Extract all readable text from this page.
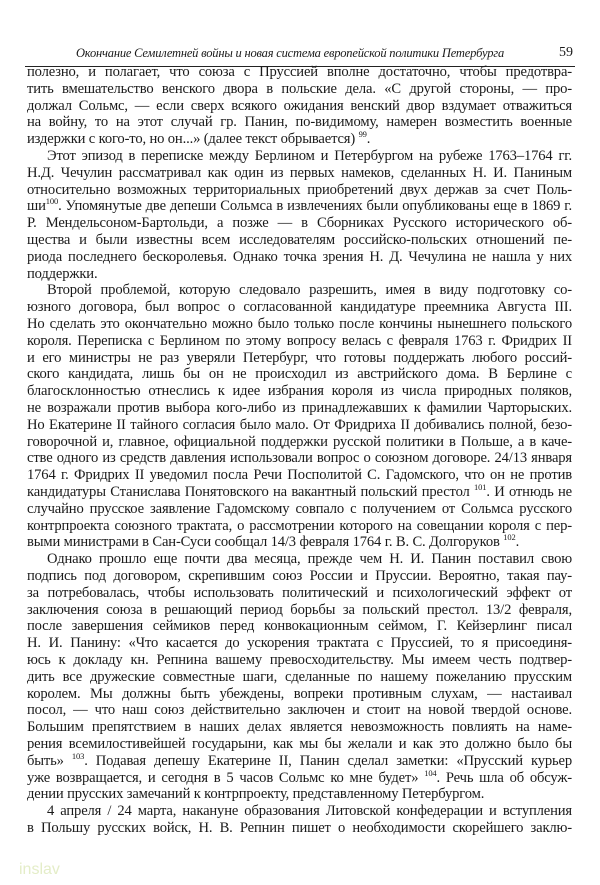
Окончание Семилетней войны и новая система европейской политики Петербурга	59
полезно, и полагает, что союза с Пруссией вполне достаточно, чтобы предотвра-
тить вмешательство венского двора в польские дела. «С другой стороны, — про-
должал Сольмс, — если сверх всякого ожидания венский двор вздумает отважиться
на войну, то на этот случай гр. Панин, по-видимому, намерен возместить военные
издержки с кого-то, но он...» (далее текст обрывается) $^{99}$.
Этот эпизод в переписке между Берлином и Петербургом на рубеже 1763–1764 гг.
Н.Д. Чечулин рассматривал как один из первых намеков, сделанных Н. И. Паниным
относительно возможных территориальных приобретений двух держав за счет Поль-
$ши^{100}$. Упомянутые две депеши Сольмса в извлечениях были опубликованы еще в 1869 г.
Р. Мендельсоном-Бартольди, а позже — в Сборниках Русского исторического об-
щества и были известны всем исследователям российско-польских отношений пе-
риода последнего бескоролевья. Однако точка зрения Н. Д. Чечулина не нашла у них
поддержки.
Второй проблемой, которую следовало разрешить, имея в виду подготовку со-
юзного договора, был вопрос о согласованной кандидатуре преемника Августа III.
Но сделать это окончательно можно было только после кончины нынешнего польского
короля. Переписка с Берлином по этому вопросу велась с февраля 1763 г. Фридрих II
и его министры не раз уверяли Петербург, что готовы поддержать любого россий-
ского кандидата, лишь бы он не происходил из австрийского дома. В Берлине с
благосклонностью отнеслись к идее избрания короля из числа природных поляков,
не возражали против выбора кого-либо из принадлежавших к фамилии Чарторыских.
Но Екатерине II тайного согласия было мало. От Фридриха II добивались полной, безо-
говорочной и, главное, официальной поддержки русской политики в Польше, а в каче-
стве одного из средств давления использовали вопрос о союзном договоре. 24/13 января
1764 г. Фридрих II уведомил посла Речи Посполитой С. Гадомского, что он не против
кандидатуры Станислава Понятовского на вакантный польский престол $^{101}$. И отнюдь не
случайно прусское заявление Гадомскому совпало с получением от Сольмса русского
контрпроекта союзного трактата, о рассмотрении которого на совещании короля с пер-
выми министрами в Сан-Суси сообщал 14/3 февраля 1764 г. В. С. Долгоруков $^{102}$.
Однако прошло еще почти два месяца, прежде чем Н. И. Панин поставил свою
подпись под договором, скрепившим союз России и Пруссии. Вероятно, такая пау-
за потребовалась, чтобы использовать политический и психологический эффект от
заключения союза в решающий период борьбы за польский престол. 13/2 февраля,
после завершения сеймиков перед конвокационным сеймом, Г. Кейзерлинг писал
Н. И. Панину: «Что касается до ускорения трактата с Пруссией, то я присоединя-
юсь к докладу кн. Репнина вашему превосходительству. Мы имеем честь подтвер-
дить все дружеские совместные шаги, сделанные по нашему пожеланию прусским
королем. Мы должны быть убеждены, вопреки противным слухам, — настаивал
посол, — что наш союз действительно заключен и стоит на новой твердой основе.
Большим препятствием в наших делах является невозможность повлиять на наме-
рения всемилостивейшей государыни, как мы бы желали и как это должно было бы
быть» $^{103}$. Подавая депешу Екатерине II, Панин сделал заметки: «Прусский курьер
уже возвращается, и сегодня в 5 часов Сольмс ко мне будет» $^{104}$. Речь шла об обсуж-
дении прусских замечаний к контрпроекту, представленному Петербургом.
4 апреля / 24 марта, накануне образования Литовской конфедерации и вступления
в Польшу русских войск, Н. В. Репнин пишет о необходимости скорейшего заклю-
inslav
